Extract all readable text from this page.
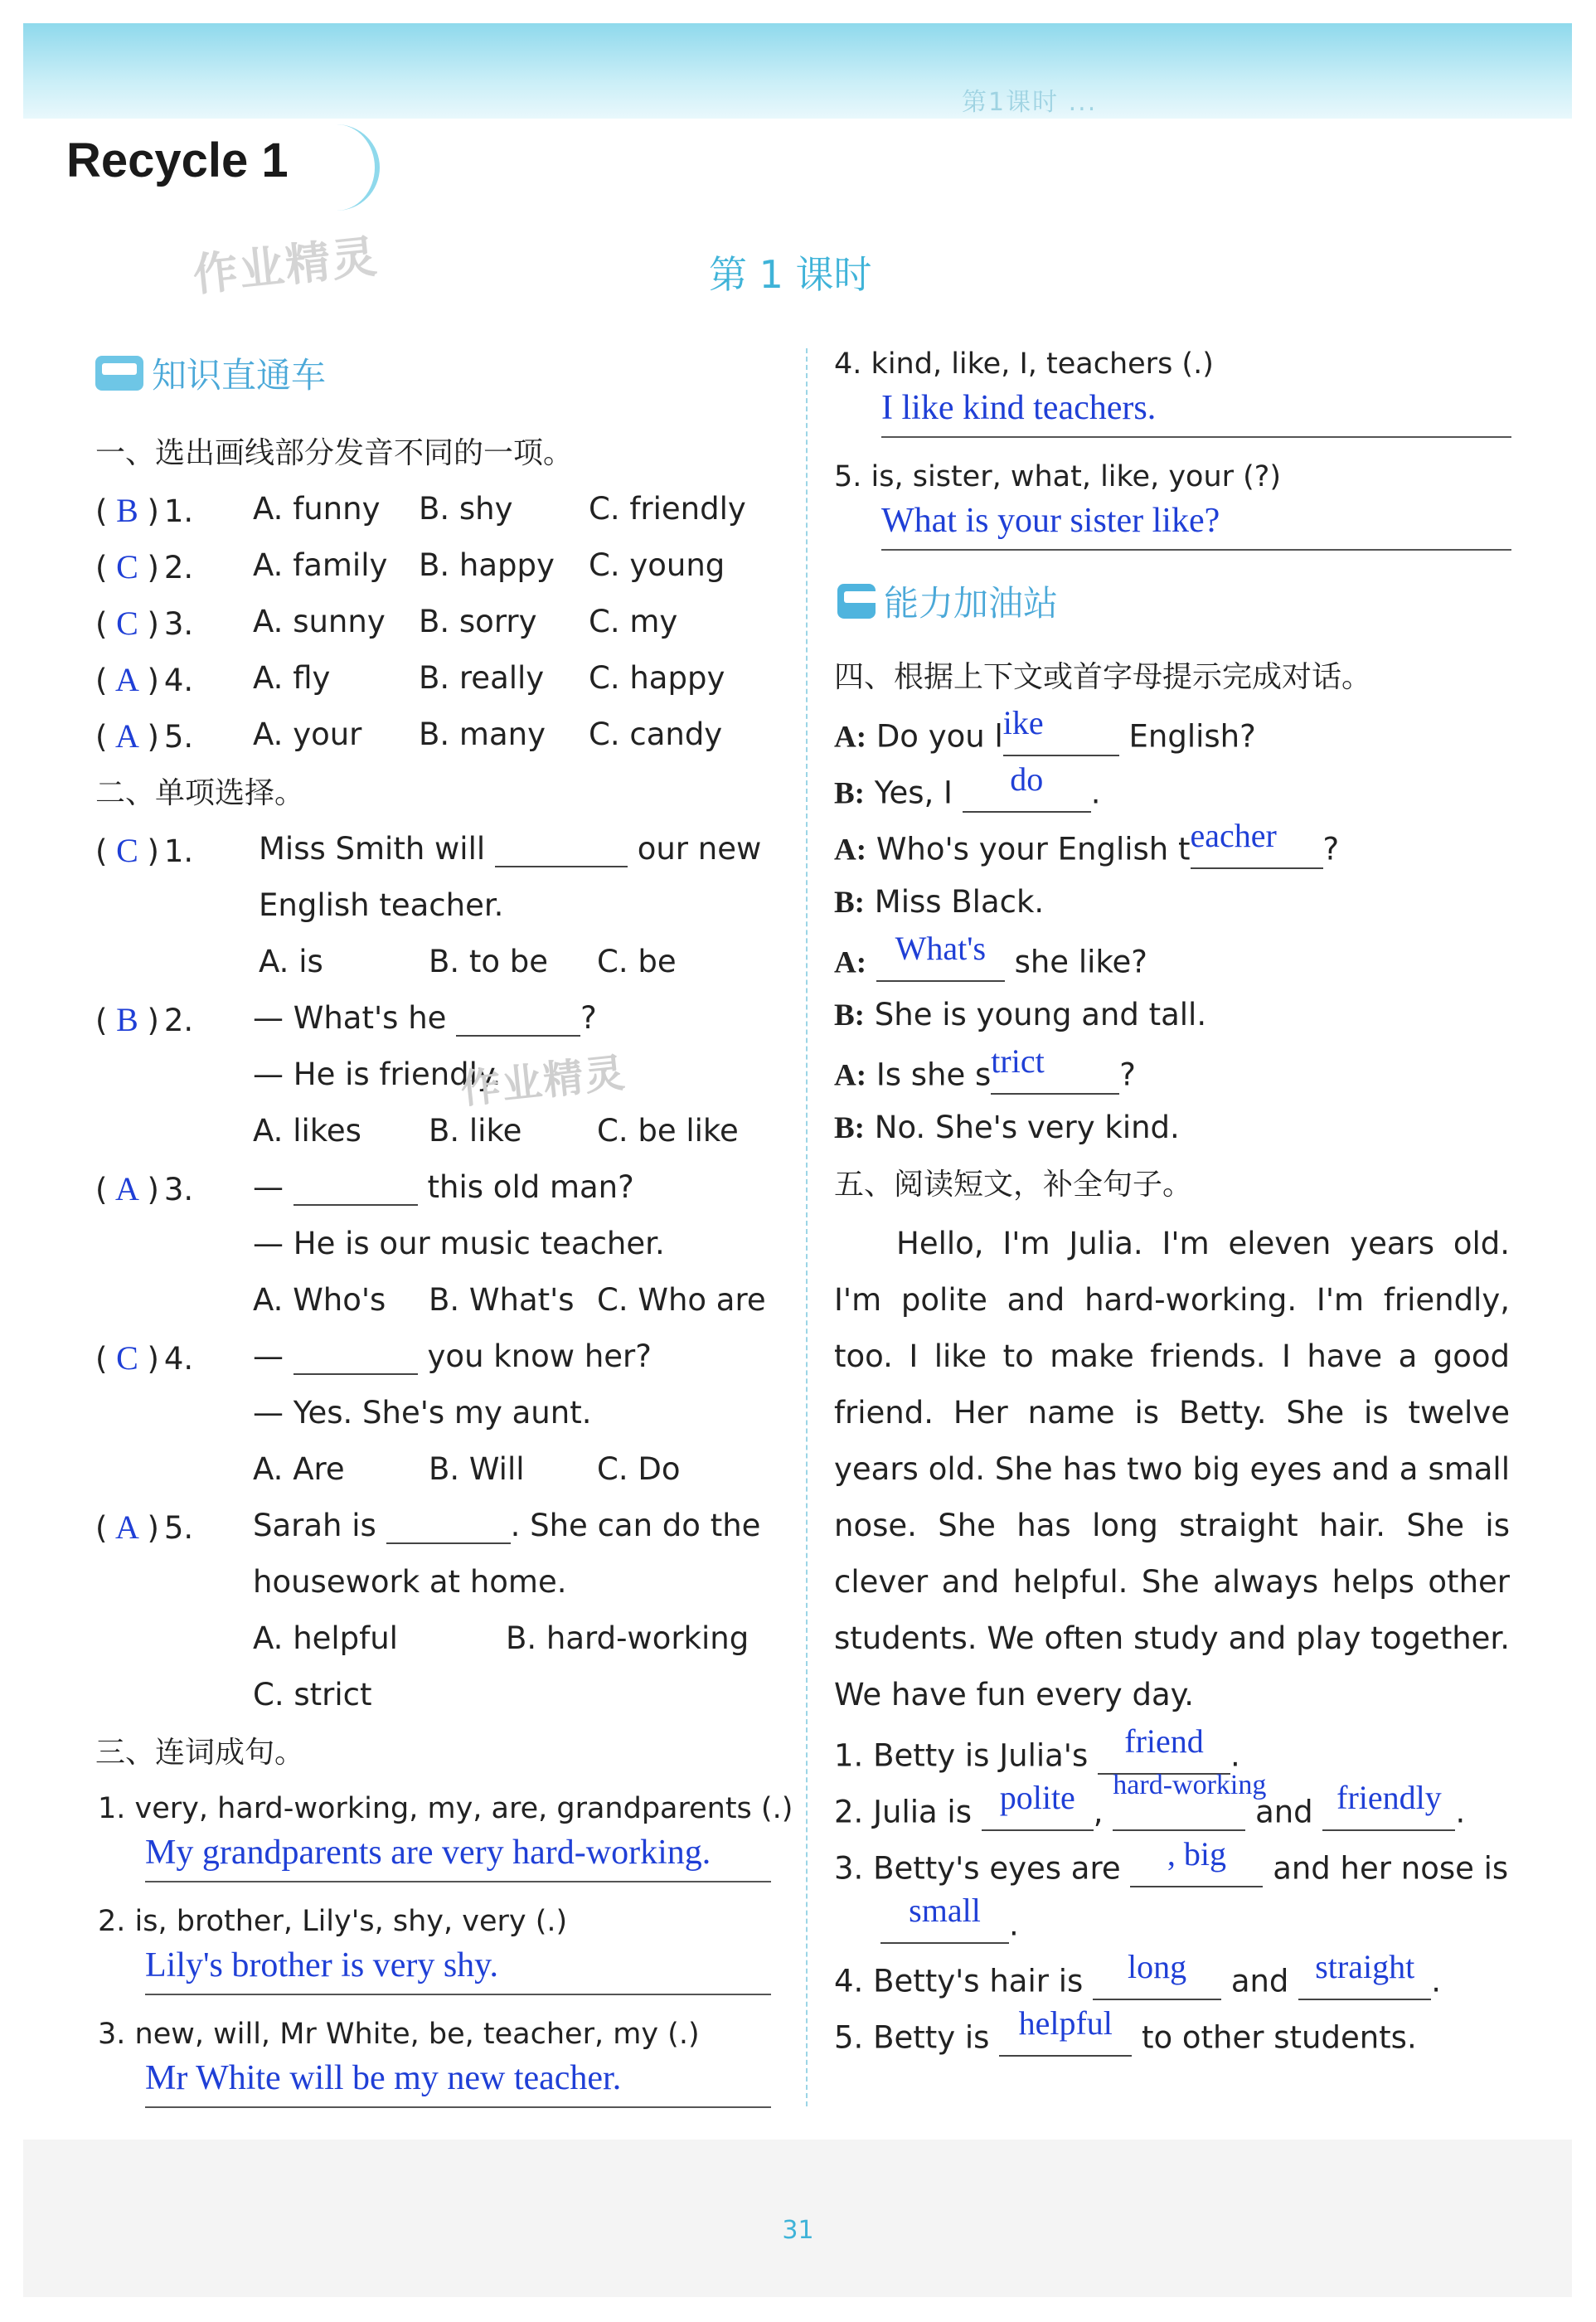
第1课时 ...
Recycle 1
作业精灵	第 1 课时
知识直通车
一、选出画线部分发音不同的一项。
( B ) 1. A. funny B. shy C. friendly
( C ) 2. A. family B. happy C. young
( C ) 3. A. sunny B. sorry C. my
( A ) 4. A. fly	B. really C. happy
( A ) 5. A. your B. many C. candy
二、单项选择。
( C ) 1. Miss Smith will	our new
English teacher.
A. is	B. to be C. be
( B ) 2. — What's he	?
— He is friendly.
作业精灵
A. likes B. like C. be like
( A ) 3. —	this old man?
— He is our music teacher.
A. Who's B. What's C. Who are
( C ) 4. —	you know her?
— Yes. She's my aunt.
A. Are	B. Will C. Do
( A ) 5. Sarah is	. She can do the
housework at home.
A. helpful	B. hard-working
C. strict
三、连词成句。
1. very, hard-working, my, are, grandparents (.)
My grandparents are very hard-working.
2. is, brother, Lily's, shy, very (.)
Lily's brother is very shy.
3. new, will, Mr White, be, teacher, my (.)
Mr White will be my new teacher.
4. kind, like, I, teachers (.)
I like kind teachers.
5. is, sister, what, like, your (?)
What is your sister like?
能力加油站
四、根据上下文或首字母提示完成对话。
A: Do you like	English?
B: Yes, I do .
A: Who's your English teacher ?
B: Miss Black.
A: What's she like?
B: She is young and tall.
A: Is she strict ?
B: No. She's very kind.
五、阅读短文，补全句子。
Hello, I'm Julia. I'm eleven years old. I'm polite and hard-working. I'm friendly, too. I like to make friends. I have a good friend. Her name is Betty. She is twelve years old. She has two big eyes and a small nose. She has long straight hair. She is clever and helpful. She always helps other students. We often study and play together. We have fun every day.
1. Betty is Julia's friend .
2. Julia is polite , hard-working and friendly .
3. Betty's eyes are , big and her nose is
small .
4. Betty's hair is long and straight .
5. Betty is helpful to other students.
31
